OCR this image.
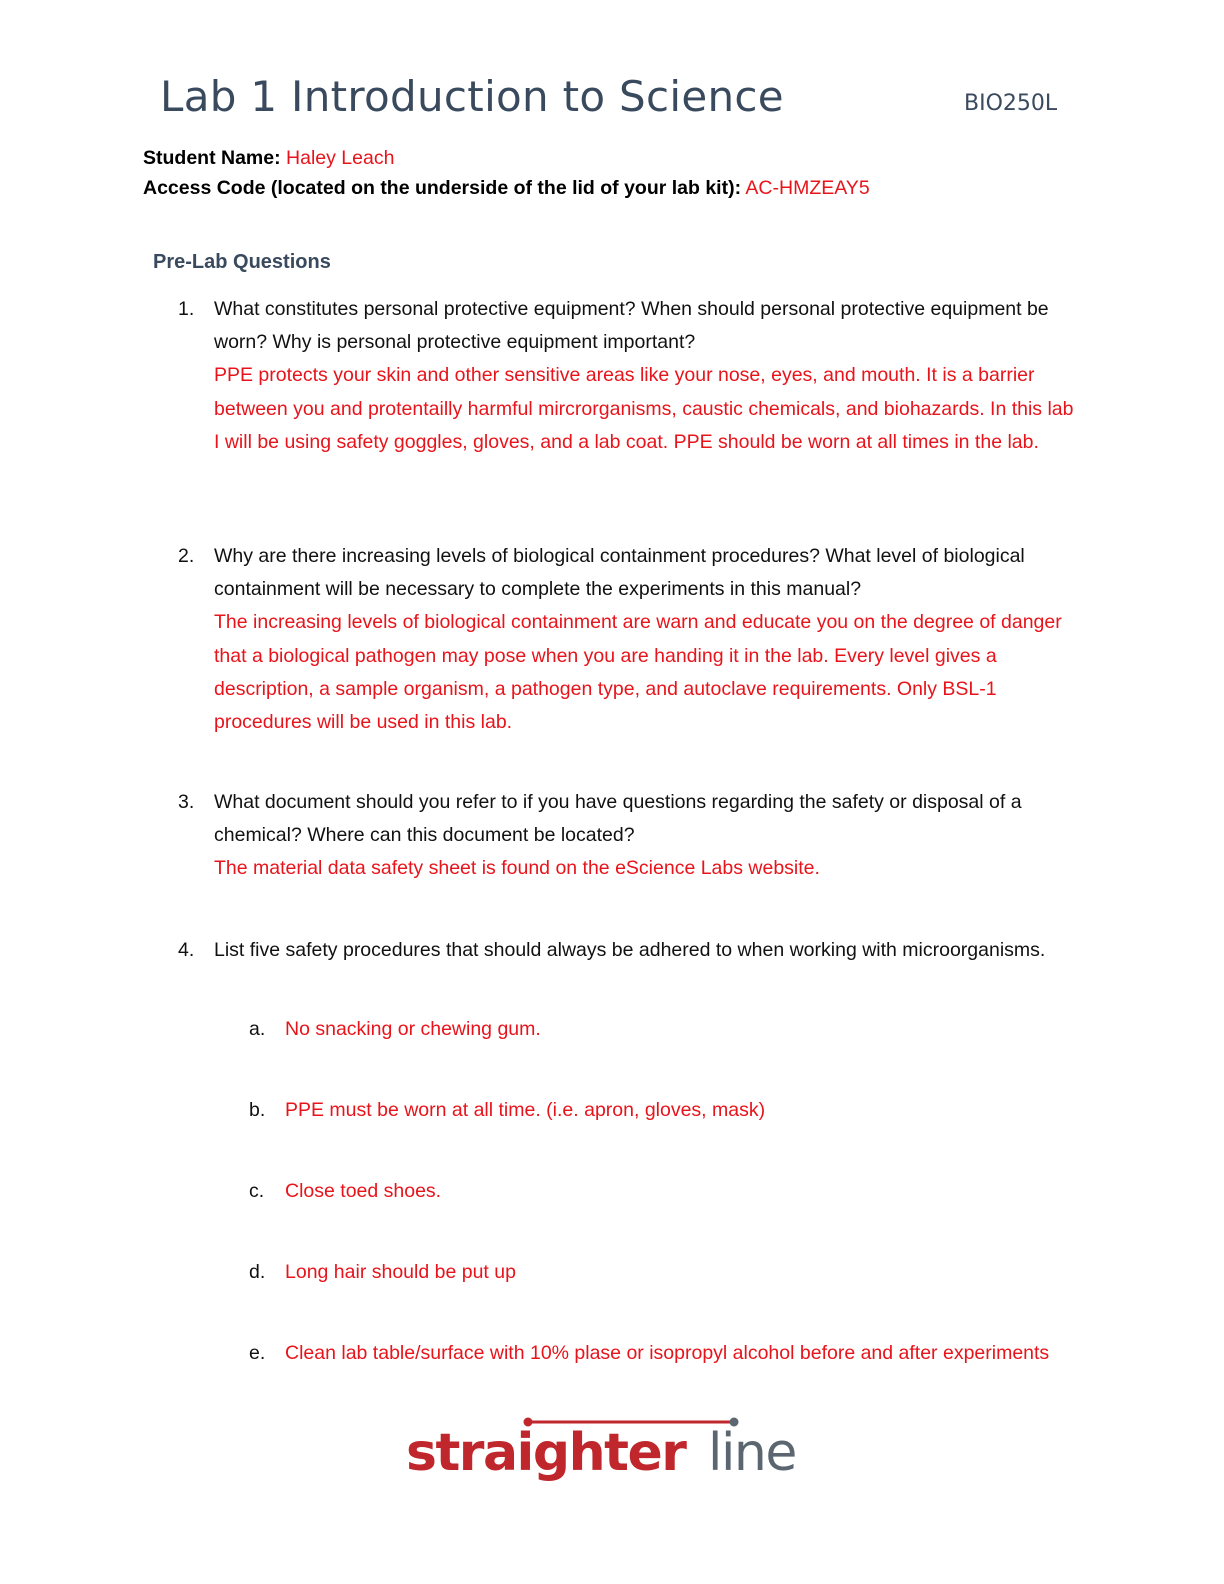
Lab 1 Introduction to Science	BIO250L
Student Name: Haley Leach
Access Code (located on the underside of the lid of your lab kit): AC-HMZEAY5
Pre-Lab Questions
1. What constitutes personal protective equipment? When should personal protective equipment be worn? Why is personal protective equipment important?
PPE protects your skin and other sensitive areas like your nose, eyes, and mouth. It is a barrier between you and protentailly harmful mircrorganisms, caustic chemicals, and biohazards. In this lab I will be using safety goggles, gloves, and a lab coat. PPE should be worn at all times in the lab.
2. Why are there increasing levels of biological containment procedures? What level of biological containment will be necessary to complete the experiments in this manual?
The increasing levels of biological containment are warn and educate you on the degree of danger that a biological pathogen may pose when you are handing it in the lab. Every level gives a description, a sample organism, a pathogen type, and autoclave requirements. Only BSL-1 procedures will be used in this lab.
3. What document should you refer to if you have questions regarding the safety or disposal of a chemical? Where can this document be located?
The material data safety sheet is found on the eScience Labs website.
4. List five safety procedures that should always be adhered to when working with microorganisms.
a. No snacking or chewing gum.
b. PPE must be worn at all time. (i.e. apron, gloves, mask)
c. Close toed shoes.
d. Long hair should be put up
e. Clean lab table/surface with 10% plase or isopropyl alcohol before and after experiments
straighter line
